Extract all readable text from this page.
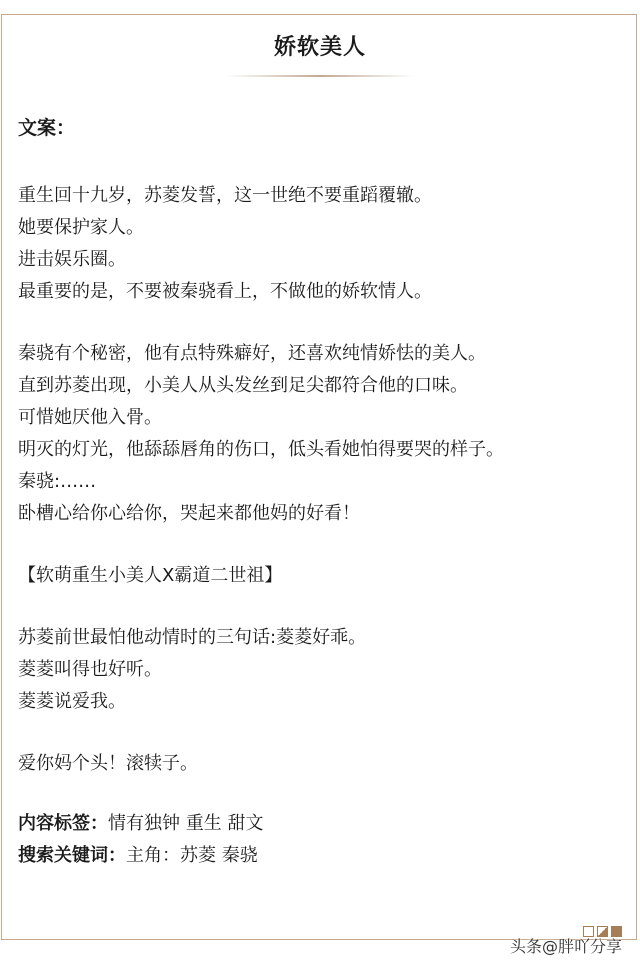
娇软美人
文案：
重生回十九岁，苏菱发誓，这一世绝不要重蹈覆辙。
她要保护家人。
进击娱乐圈。
最重要的是，不要被秦骁看上，不做他的娇软情人。
秦骁有个秘密，他有点特殊癖好，还喜欢纯情娇怯的美人。
直到苏菱出现，小美人从头发丝到足尖都符合他的口味。
可惜她厌他入骨。
明灭的灯光，他舔舔唇角的伤口，低头看她怕得要哭的样子。
秦骁:……
卧槽心给你心给你，哭起来都他妈的好看！
【软萌重生小美人X霸道二世祖】
苏菱前世最怕他动情时的三句话:菱菱好乖。
菱菱叫得也好听。
菱菱说爱我。
爱你妈个头！滚犊子。
内容标签：情有独钟 重生 甜文
搜索关键词：主角：苏菱 秦骁
头条@胖吖分享
